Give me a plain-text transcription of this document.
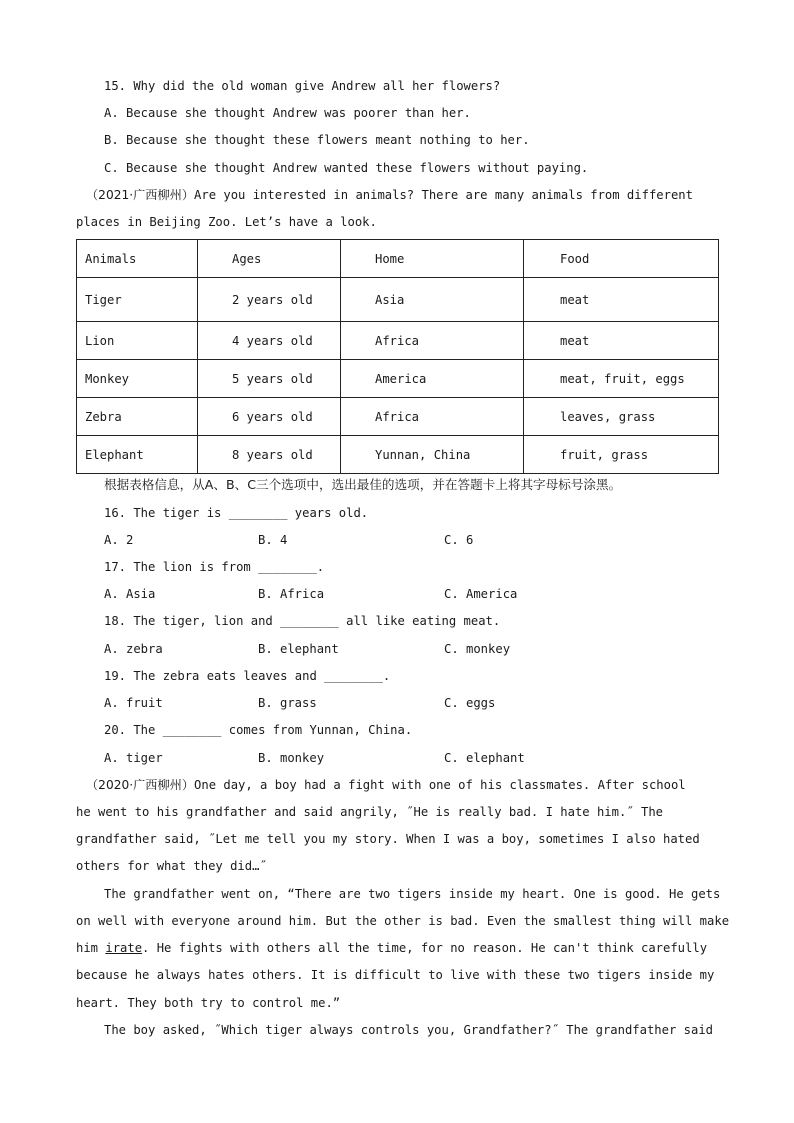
15. Why did the old woman give Andrew all her flowers?
A. Because she thought Andrew was poorer than her.
B. Because she thought these flowers meant nothing to her.
C. Because she thought Andrew wanted these flowers without paying.
（2021·广西柳州）Are you interested in animals? There are many animals from different
places in Beijing Zoo. Let’s have a look.
Animals	Ages	Home	Food
Tiger	2 years old	Asia	meat
Lion	4 years old	Africa	meat
Monkey	5 years old	America	meat, fruit, eggs
Zebra	6 years old	Africa	leaves, grass
Elephant	8 years old	Yunnan, China	fruit, grass
根据表格信息，从A、B、C三个选项中，选出最佳的选项，并在答题卡上将其字母标号涂黑。
16. The tiger is ________ years old.
A. 2	B. 4	C. 6
17. The lion is from ________.
A. Asia	B. Africa	C. America
18. The tiger, lion and ________ all like eating meat.
A. zebra	B. elephant	C. monkey
19. The zebra eats leaves and ________.
A. fruit	B. grass	C. eggs
20. The ________ comes from Yunnan, China.
A. tiger	B. monkey	C. elephant
（2020·广西柳州）One day, a boy had a fight with one of his classmates. After school
he went to his grandfather and said angrily, ˝He is really bad. I hate him.˝ The
grandfather said, ˝Let me tell you my story. When I was a boy, sometimes I also hated
others for what they did…˝
The grandfather went on, “There are two tigers inside my heart. One is good. He gets
on well with everyone around him. But the other is bad. Even the smallest thing will make
him irate. He fights with others all the time, for no reason. He can't think carefully
because he always hates others. It is difficult to live with these two tigers inside my
heart. They both try to control me.”
The boy asked, ˝Which tiger always controls you, Grandfather?˝ The grandfather said
